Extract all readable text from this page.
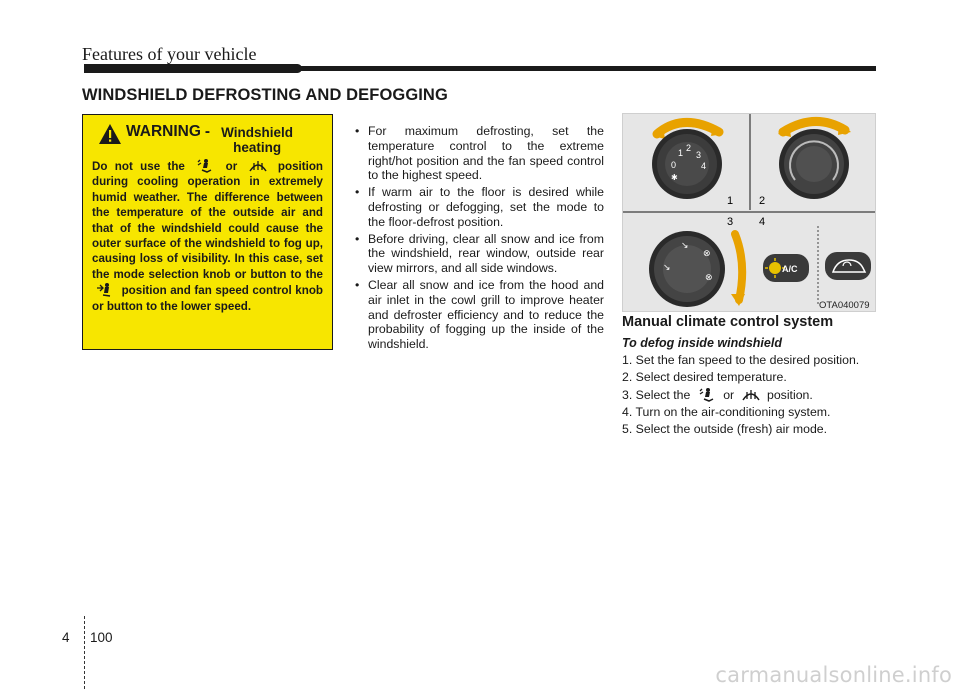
Features of your vehicle
WINDSHIELD DEFROSTING AND DEFOGGING
WARNING - Windshield heating
Do not use the	or	position during cooling operation in extremely humid weather. The difference between the temperature of the outside air and that of the windshield could cause the outer surface of the windshield to fog up, causing loss of visibility. In this case, set the mode selection knob or button to the  position and fan speed control knob or button to the lower speed.
• For maximum defrosting, set the temperature control to the extreme right/hot position and the fan speed control to the highest speed.
• If warm air to the floor is desired while defrosting or defogging, set the mode to the floor-defrost position.
• Before driving, clear all snow and ice from the windshield, rear window, outside rear view mirrors, and all side windows.
• Clear all snow and ice from the hood and air inlet in the cowl grill to improve heater and defroster efficiency and to reduce the probability of fogging up the inside of the windshield.
0
1 2
3
4
✱
1 2
3 4
↘
↘
⊗
⊗
A/C
OTA040079
Manual climate control system
To defog inside windshield
1. Set the fan speed to the desired position.
2. Select desired temperature.
3. Select the	or	position.
4. Turn on the air-conditioning system.
5. Select the outside (fresh) air mode.
4 100
carmanualsonline.info
